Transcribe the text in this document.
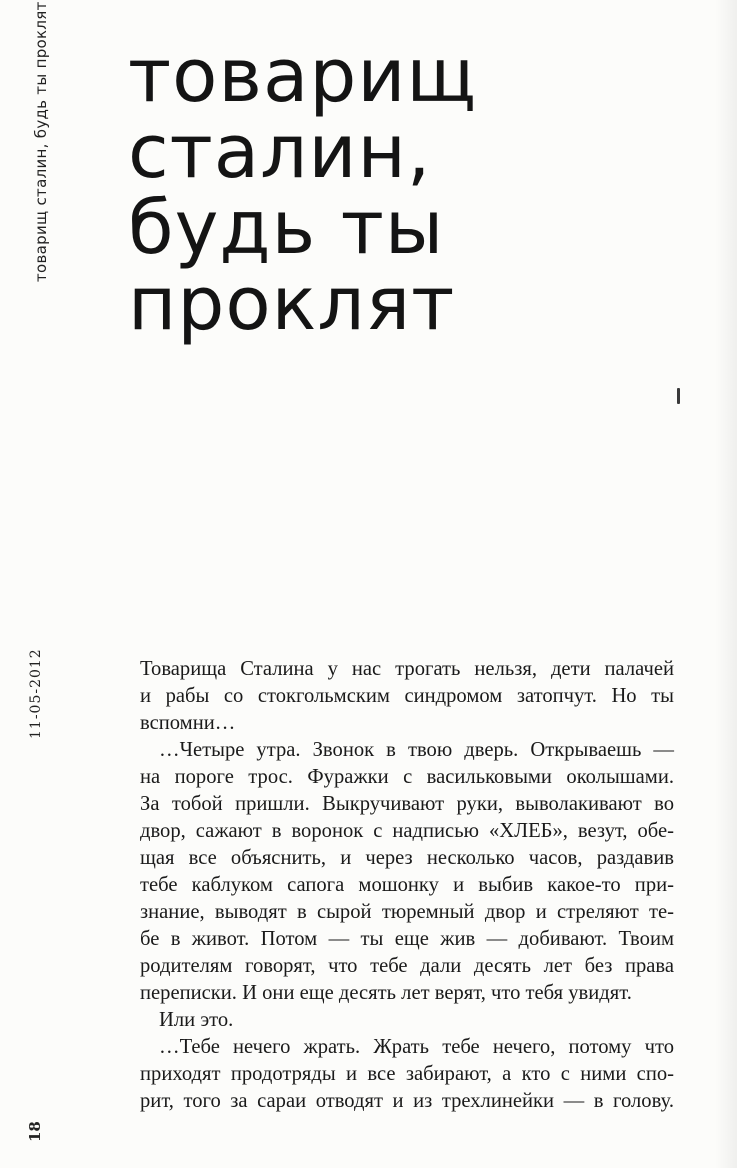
товарищ сталин, будь ты проклят
11-05-2012
18
товарищ
сталин,
будь ты
проклят
Товарища Сталина у нас трогать нельзя, дети палачей
и рабы со стокгольмским синдромом затопчут. Но ты
вспомни…
…Четыре утра. Звонок в твою дверь. Открываешь —
на пороге трос. Фуражки с васильковыми околышами.
За тобой пришли. Выкручивают руки, выволакивают во
двор, сажают в воронок с надписью «ХЛЕБ», везут, обе-
щая все объяснить, и через несколько часов, раздавив
тебе каблуком сапога мошонку и выбив какое-то при-
знание, выводят в сырой тюремный двор и стреляют те-
бе в живот. Потом — ты еще жив — добивают. Твоим
родителям говорят, что тебе дали десять лет без права
переписки. И они еще десять лет верят, что тебя увидят.
Или это.
…Тебе нечего жрать. Жрать тебе нечего, потому что
приходят продотряды и все забирают, а кто с ними спо-
рит, того за сараи отводят и из трехлинейки — в голову.
